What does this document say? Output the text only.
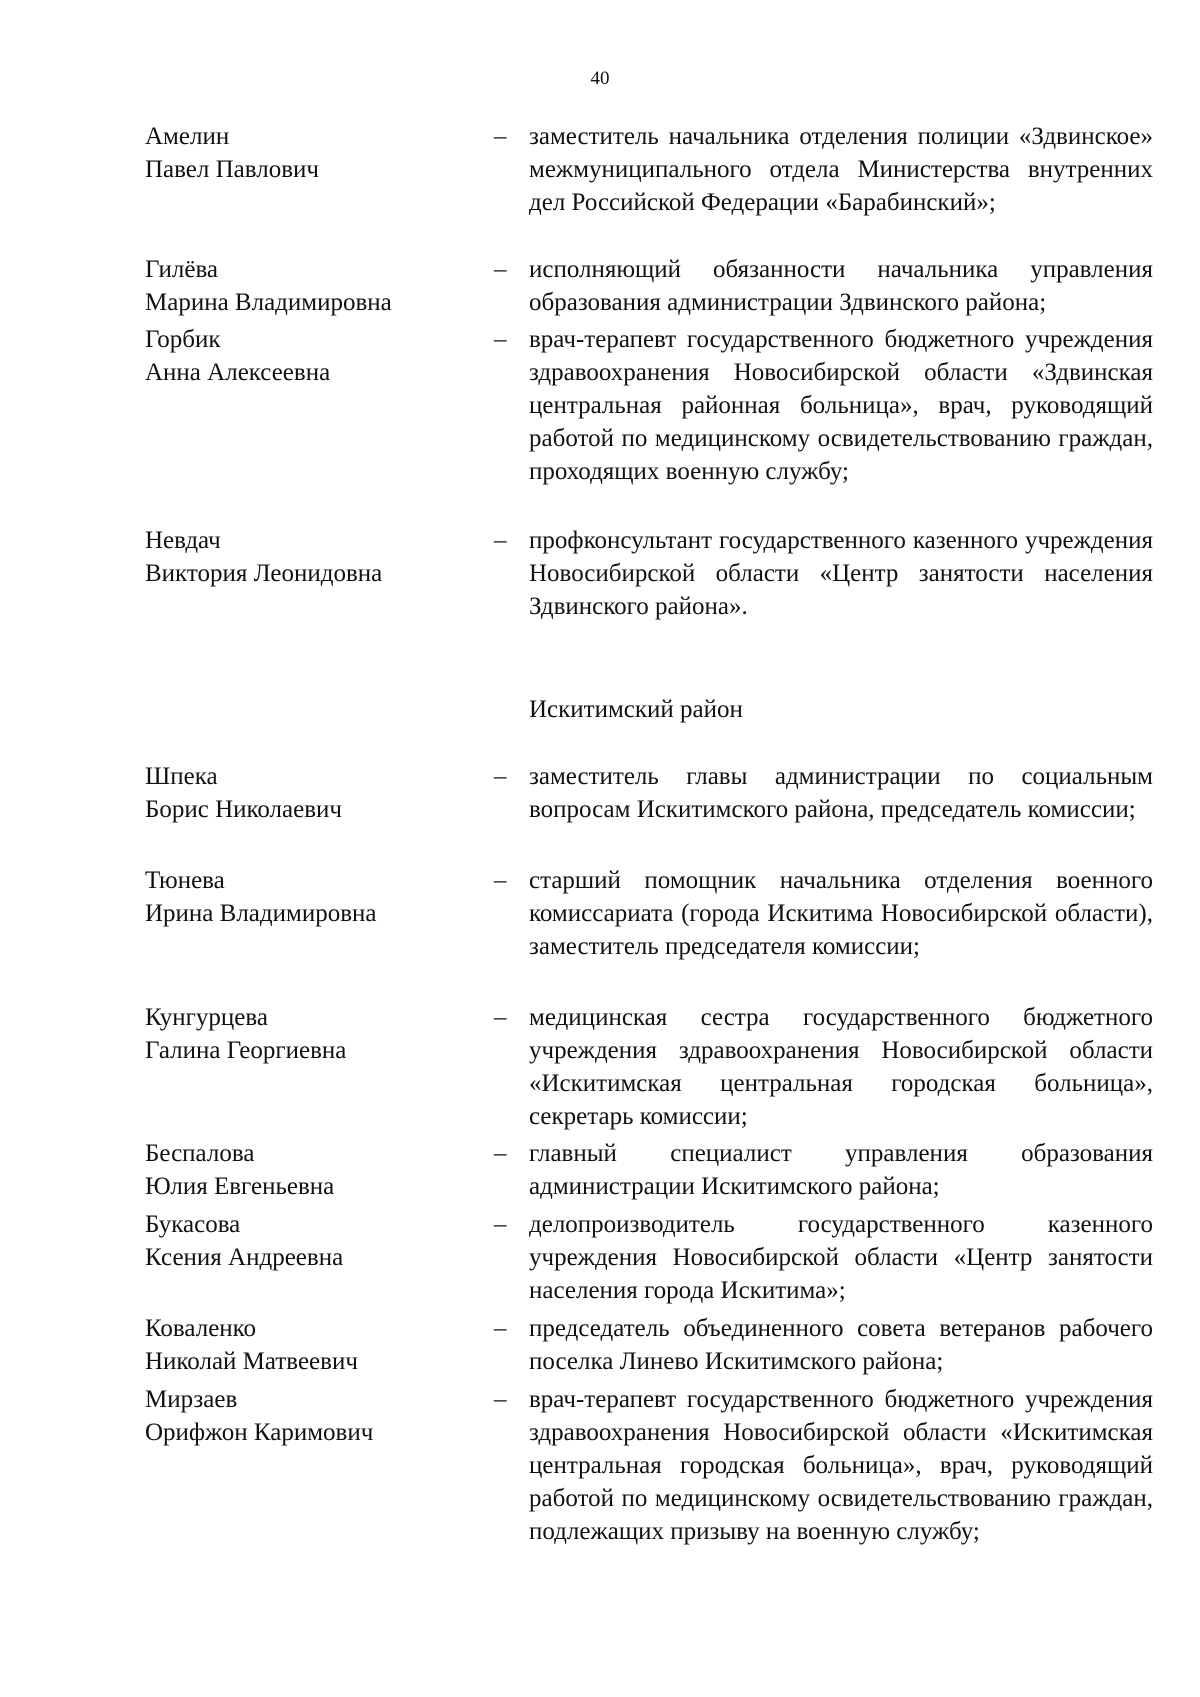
40
Амелин
Павел Павлович
– заместитель начальника отделения полиции «Здвинское» межмуниципального отдела Министерства внутренних дел Российской Федерации «Барабинский»;
Гилёва
Марина Владимировна
– исполняющий обязанности начальника управления образования администрации Здвинского района;
Горбик
Анна Алексеевна
– врач-терапевт государственного бюджетного учреждения здравоохранения Новосибирской области «Здвинская центральная районная больница», врач, руководящий работой по медицинскому освидетельствованию граждан, проходящих военную службу;
Невдач
Виктория Леонидовна
– профконсультант государственного казенного учреждения Новосибирской области «Центр занятости населения Здвинского района».
Искитимский район
Шпека
Борис Николаевич
– заместитель главы администрации по социальным вопросам Искитимского района, председатель комиссии;
Тюнева
Ирина Владимировна
– старший помощник начальника отделения военного комиссариата (города Искитима Новосибирской области), заместитель председателя комиссии;
Кунгурцева
Галина Георгиевна
– медицинская сестра государственного бюджетного учреждения здравоохранения Новосибирской области «Искитимская центральная городская больница», секретарь комиссии;
Беспалова
Юлия Евгеньевна
– главный специалист управления образования администрации Искитимского района;
Букасова
Ксения Андреевна
– делопроизводитель государственного казенного учреждения Новосибирской области «Центр занятости населения города Искитима»;
Коваленко
Николай Матвеевич
– председатель объединенного совета ветеранов рабочего поселка Линево Искитимского района;
Мирзаев
Орифжон Каримович
– врач-терапевт государственного бюджетного учреждения здравоохранения Новосибирской области «Искитимская центральная городская больница», врач, руководящий работой по медицинскому освидетельствованию граждан, подлежащих призыву на военную службу;
